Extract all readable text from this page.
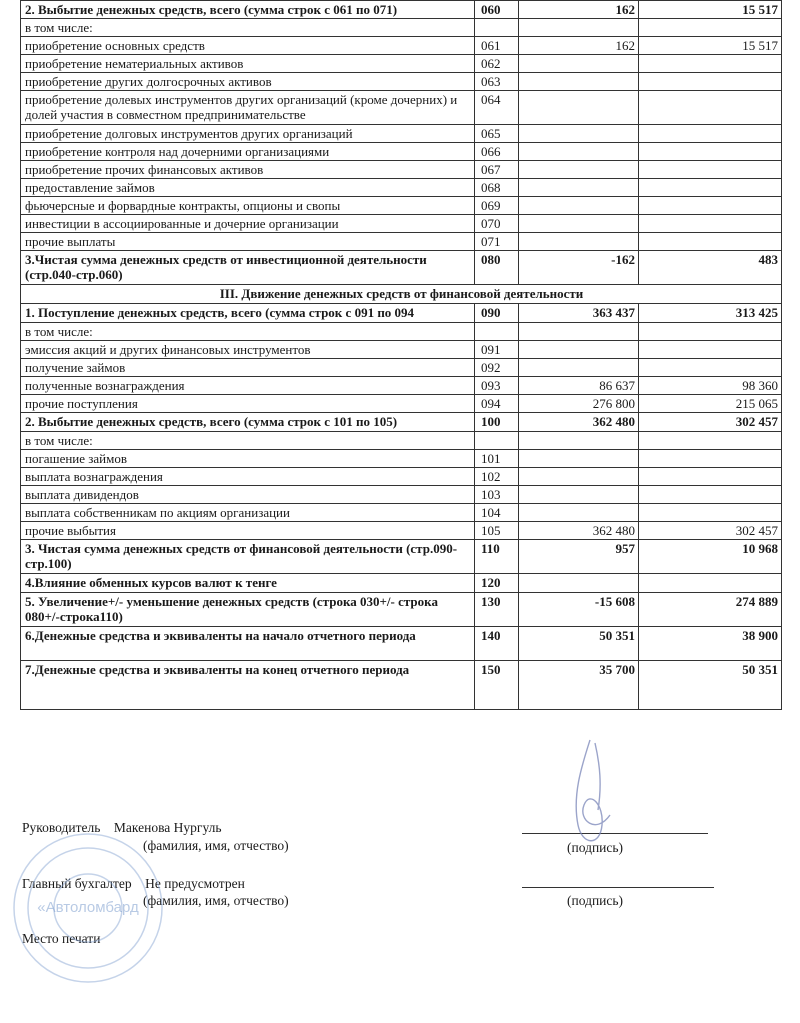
2. Выбытие денежных средств, всего (сумма строк с 061 по 071)	060	162	15 517
в том числе:			
приобретение основных средств	061	162	15 517
приобретение нематериальных активов	062		
приобретение других долгосрочных активов	063		
приобретение долевых инструментов других организаций (кроме дочерних) и долей участия в совместном предпринимательстве	064		
приобретение долговых инструментов других организаций	065		
приобретение контроля над дочерними организациями	066		
приобретение прочих финансовых активов	067		
предоставление займов	068		
фьючерсные и форвардные контракты, опционы и свопы	069		
инвестиции в ассоциированные и дочерние организации	070		
прочие выплаты	071		
3.Чистая сумма денежных средств от инвестиционной деятельности (стр.040-стр.060)	080	-162	483
III. Движение денежных средств от финансовой деятельности			
1. Поступление денежных средств, всего (сумма строк с 091 по 094	090	363 437	313 425
в том числе:			
эмиссия акций и других финансовых инструментов	091		
получение займов	092		
полученные вознаграждения	093	86 637	98 360
прочие поступления	094	276 800	215 065
2. Выбытие денежных средств, всего (сумма строк с 101 по 105)	100	362 480	302 457
в том числе:			
погашение займов	101		
выплата вознаграждения	102		
выплата дивидендов	103		
выплата собственникам по акциям организации	104		
прочие выбытия	105	362 480	302 457
3. Чистая сумма денежных средств от финансовой деятельности (стр.090-стр.100)	110	957	10 968
4.Влияние обменных курсов валют к тенге	120		
5. Увеличение+/- уменьшение денежных средств (строка 030+/- строка 080+/-строка110)	130	-15 608	274 889
6.Денежные средства и эквиваленты на начало отчетного периода	140	50 351	38 900
7.Денежные средства и эквиваленты на конец отчетного периода	150	35 700	50 351
Руководитель Макенова Нургуль
(фамилия, имя, отчество)	(подпись)
Главный бухгалтер Не предусмотрен
(фамилия, имя, отчество)	(подпись)
Место печати
«Автоломбард
